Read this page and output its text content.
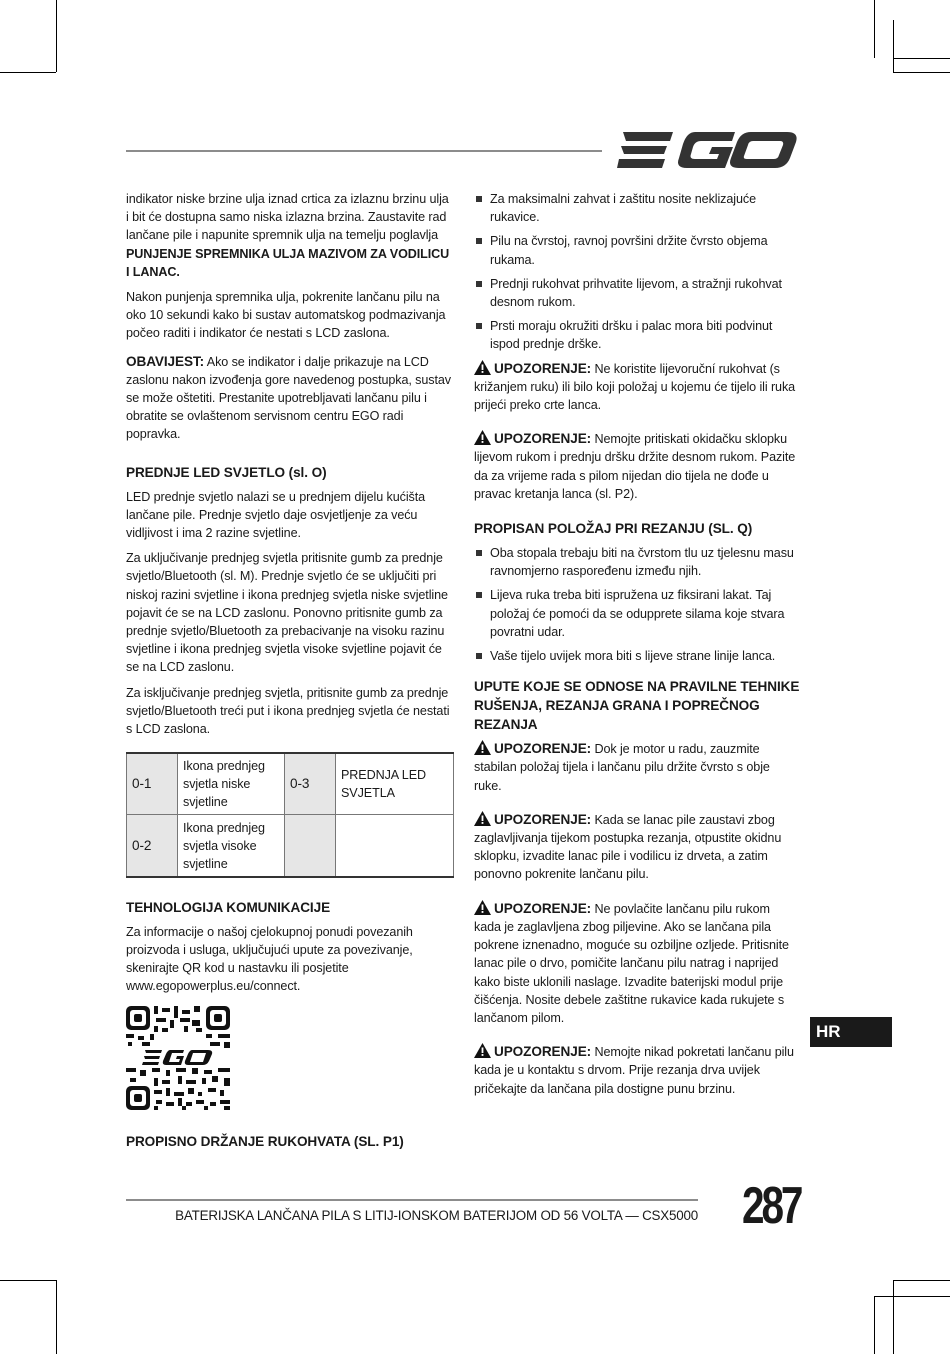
indikator niske brzine ulja iznad crtica za izlaznu brzinu ulja i bit će dostupna samo niska izlazna brzina. Zaustavite rad lančane pile i napunite spremnik ulja na temelju poglavlja PUNJENJE SPREMNIKA ULJA MAZIVOM ZA VODILICU I LANAC.

Nakon punjenja spremnika ulja, pokrenite lančanu pilu na oko 10 sekundi kako bi sustav automatskog podmazivanja počeo raditi i indikator će nestati s LCD zaslona.

OBAVIJEST: Ako se indikator i dalje prikazuje na LCD zaslonu nakon izvođenja gore navedenog postupka, sustav se može oštetiti. Prestanite upotrebljavati lančanu pilu i obratite se ovlaštenom servisnom centru EGO radi popravka.

PREDNJE LED SVJETLO (sl. O)

LED prednje svjetlo nalazi se u prednjem dijelu kućišta lančane pile. Prednje svjetlo daje osvjetljenje za veću vidljivost i ima 2 razine svjetline.

Za uključivanje prednjeg svjetla pritisnite gumb za prednje svjetlo/Bluetooth (sl. M). Prednje svjetlo će se uključiti pri niskoj razini svjetline i ikona prednjeg svjetla niske svjetline pojavit će se na LCD zaslonu. Ponovno pritisnite gumb za prednje svjetlo/Bluetooth za prebacivanje na visoku razinu svjetline i ikona prednjeg svjetla visoke svjetline pojavit će se na LCD zaslonu.

Za isključivanje prednjeg svjetla, pritisnite gumb za prednje svjetlo/Bluetooth treći put i ikona prednjeg svjetla će nestati s LCD zaslona.

0-1	Ikona prednjeg svjetla niske svjetline	0-3	PREDNJA LED SVJETLA
0-2	Ikona prednjeg svjetla visoke svjetline		
TEHNOLOGIJA KOMUNIKACIJE

Za informacije o našoj cjelokupnoj ponudi povezanih proizvoda i usluga, uključujući upute za povezivanje, skenirajte QR kod u nastavku ili posjetite www.egopowerplus.eu/connect.

PROPISNO DRŽANJE RUKOHVATA (SL. P1)
Za maksimalni zahvat i zaštitu nosite neklizajuće rukavice.
Pilu na čvrstoj, ravnoj površini držite čvrsto objema rukama.
Prednji rukohvat prihvatite lijevom, a stražnji rukohvat desnom rukom.
Prsti moraju okružiti dršku i palac mora biti podvinut ispod prednje drške.

UPOZORENJE: Ne koristite lijevoruční rukohvat (s križanjem ruku) ili bilo koji položaj u kojemu će tijelo ili ruka prijeći preko crte lanca.

UPOZORENJE: Nemojte pritiskati okidačku sklopku lijevom rukom i prednju dršku držite desnom rukom. Pazite da za vrijeme rada s pilom nijedan dio tijela ne dođe u pravac kretanja lanca (sl. P2).

PROPISAN POLOŽAJ PRI REZANJU (SL. Q)
Oba stopala trebaju biti na čvrstom tlu uz tjelesnu masu ravnomjerno raspoređenu između njih.
Lijeva ruka treba biti ispružena uz fiksirani lakat. Taj položaj će pomoći da se odupprete silama koje stvara povratni udar.
Vaše tijelo uvijek mora biti s lijeve strane linije lanca.
UPUTE KOJE SE ODNOSE NA PRAVILNE TEHNIKE RUŠENJA, REZANJA GRANA I POPREČNOG REZANJA

UPOZORENJE: Dok je motor u radu, zauzmite stabilan položaj tijela i lančanu pilu držite čvrsto s obje ruke.

UPOZORENJE: Kada se lanac pile zaustavi zbog zaglavljivanja tijekom postupka rezanja, otpustite okidnu sklopku, izvadite lanac pile i vodilicu iz drveta, a zatim ponovno pokrenite lančanu pilu.

UPOZORENJE: Ne povlačite lančanu pilu rukom kada je zaglavljena zbog piljevine. Ako se lančana pila pokrene iznenadno, moguće su ozbiljne ozljede. Pritisnite lanac pile o drvo, pomičite lančanu pilu natrag i naprijed kako biste uklonili naslage. Izvadite baterijski modul prije čišćenja. Nosite debele zaštitne rukavice kada rukujete s lančanom pilom.

UPOZORENJE: Nemojte nikad pokretati lančanu pilu kada je u kontaktu s drvom. Prije rezanja drva uvijek pričekajte da lančana pila dostigne punu brzinu.

HR
BATERIJSKA LANČANA PILA S LITIJ-IONSKOM BATERIJOM OD 56 VOLTA — CSX5000 287
